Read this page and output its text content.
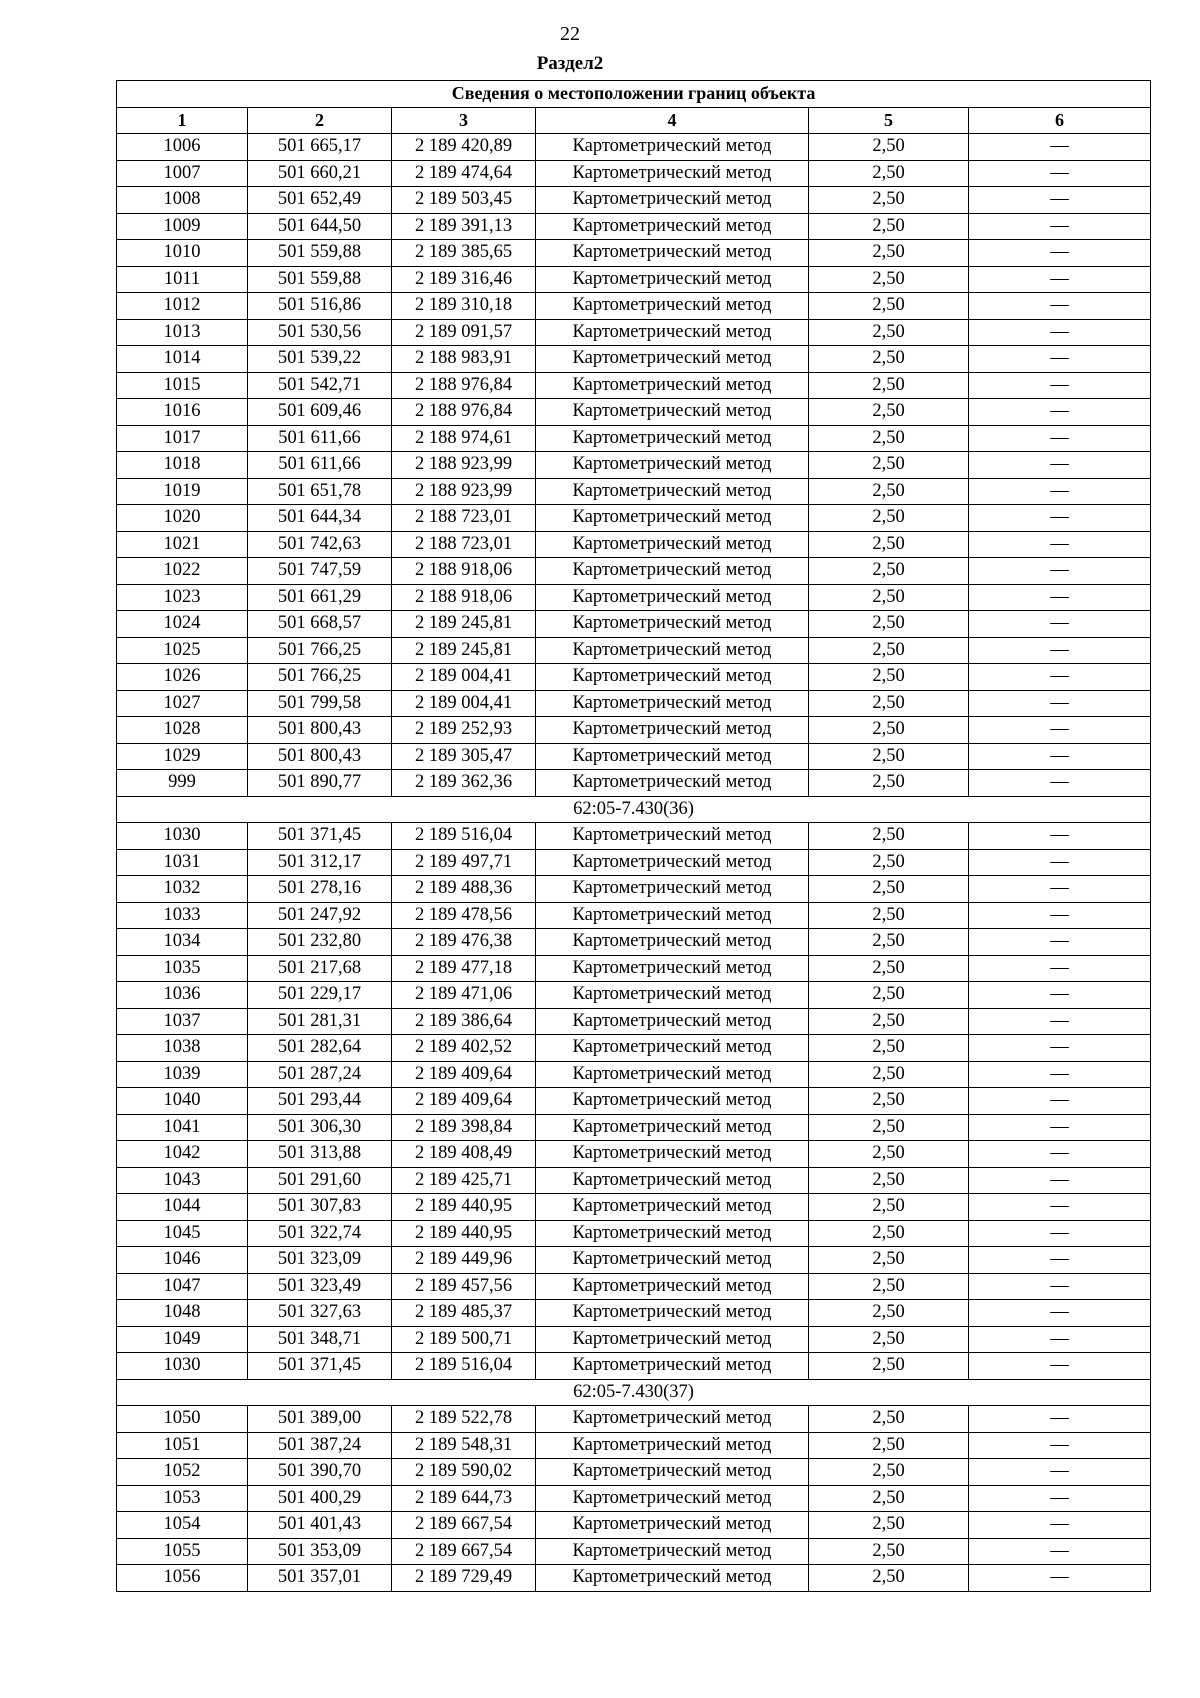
22
Раздел2
Сведения о местоположении границ объекта					
1	2	3	4	5	6
1006	501 665,17	2 189 420,89	Картометрический метод	2,50	—
1007	501 660,21	2 189 474,64	Картометрический метод	2,50	—
1008	501 652,49	2 189 503,45	Картометрический метод	2,50	—
1009	501 644,50	2 189 391,13	Картометрический метод	2,50	—
1010	501 559,88	2 189 385,65	Картометрический метод	2,50	—
1011	501 559,88	2 189 316,46	Картометрический метод	2,50	—
1012	501 516,86	2 189 310,18	Картометрический метод	2,50	—
1013	501 530,56	2 189 091,57	Картометрический метод	2,50	—
1014	501 539,22	2 188 983,91	Картометрический метод	2,50	—
1015	501 542,71	2 188 976,84	Картометрический метод	2,50	—
1016	501 609,46	2 188 976,84	Картометрический метод	2,50	—
1017	501 611,66	2 188 974,61	Картометрический метод	2,50	—
1018	501 611,66	2 188 923,99	Картометрический метод	2,50	—
1019	501 651,78	2 188 923,99	Картометрический метод	2,50	—
1020	501 644,34	2 188 723,01	Картометрический метод	2,50	—
1021	501 742,63	2 188 723,01	Картометрический метод	2,50	—
1022	501 747,59	2 188 918,06	Картометрический метод	2,50	—
1023	501 661,29	2 188 918,06	Картометрический метод	2,50	—
1024	501 668,57	2 189 245,81	Картометрический метод	2,50	—
1025	501 766,25	2 189 245,81	Картометрический метод	2,50	—
1026	501 766,25	2 189 004,41	Картометрический метод	2,50	—
1027	501 799,58	2 189 004,41	Картометрический метод	2,50	—
1028	501 800,43	2 189 252,93	Картометрический метод	2,50	—
1029	501 800,43	2 189 305,47	Картометрический метод	2,50	—
999	501 890,77	2 189 362,36	Картометрический метод	2,50	—
62:05-7.430(36)					
1030	501 371,45	2 189 516,04	Картометрический метод	2,50	—
1031	501 312,17	2 189 497,71	Картометрический метод	2,50	—
1032	501 278,16	2 189 488,36	Картометрический метод	2,50	—
1033	501 247,92	2 189 478,56	Картометрический метод	2,50	—
1034	501 232,80	2 189 476,38	Картометрический метод	2,50	—
1035	501 217,68	2 189 477,18	Картометрический метод	2,50	—
1036	501 229,17	2 189 471,06	Картометрический метод	2,50	—
1037	501 281,31	2 189 386,64	Картометрический метод	2,50	—
1038	501 282,64	2 189 402,52	Картометрический метод	2,50	—
1039	501 287,24	2 189 409,64	Картометрический метод	2,50	—
1040	501 293,44	2 189 409,64	Картометрический метод	2,50	—
1041	501 306,30	2 189 398,84	Картометрический метод	2,50	—
1042	501 313,88	2 189 408,49	Картометрический метод	2,50	—
1043	501 291,60	2 189 425,71	Картометрический метод	2,50	—
1044	501 307,83	2 189 440,95	Картометрический метод	2,50	—
1045	501 322,74	2 189 440,95	Картометрический метод	2,50	—
1046	501 323,09	2 189 449,96	Картометрический метод	2,50	—
1047	501 323,49	2 189 457,56	Картометрический метод	2,50	—
1048	501 327,63	2 189 485,37	Картометрический метод	2,50	—
1049	501 348,71	2 189 500,71	Картометрический метод	2,50	—
1030	501 371,45	2 189 516,04	Картометрический метод	2,50	—
62:05-7.430(37)					
1050	501 389,00	2 189 522,78	Картометрический метод	2,50	—
1051	501 387,24	2 189 548,31	Картометрический метод	2,50	—
1052	501 390,70	2 189 590,02	Картометрический метод	2,50	—
1053	501 400,29	2 189 644,73	Картометрический метод	2,50	—
1054	501 401,43	2 189 667,54	Картометрический метод	2,50	—
1055	501 353,09	2 189 667,54	Картометрический метод	2,50	—
1056	501 357,01	2 189 729,49	Картометрический метод	2,50	—
